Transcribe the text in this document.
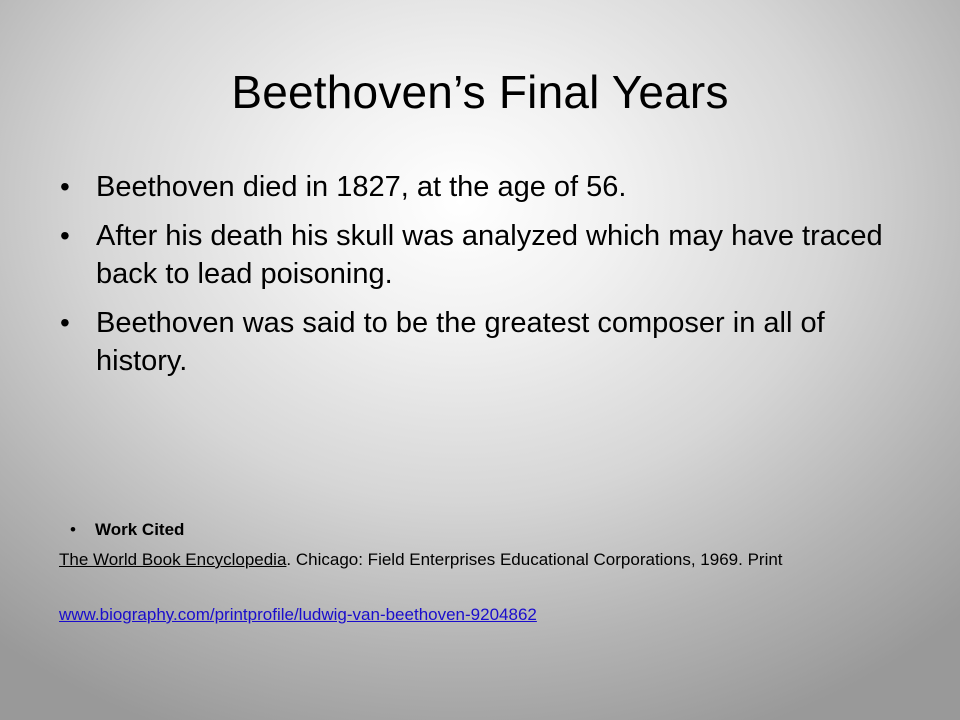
Beethoven’s Final Years
• Beethoven died in 1827, at the age of 56.
• After his death his skull was analyzed which may have traced back to lead poisoning.
• Beethoven was said to be the greatest composer in all of history.
• Work Cited
The World Book Encyclopedia. Chicago: Field Enterprises Educational Corporations, 1969. Print
www.biography.com/printprofile/ludwig-van-beethoven-9204862
